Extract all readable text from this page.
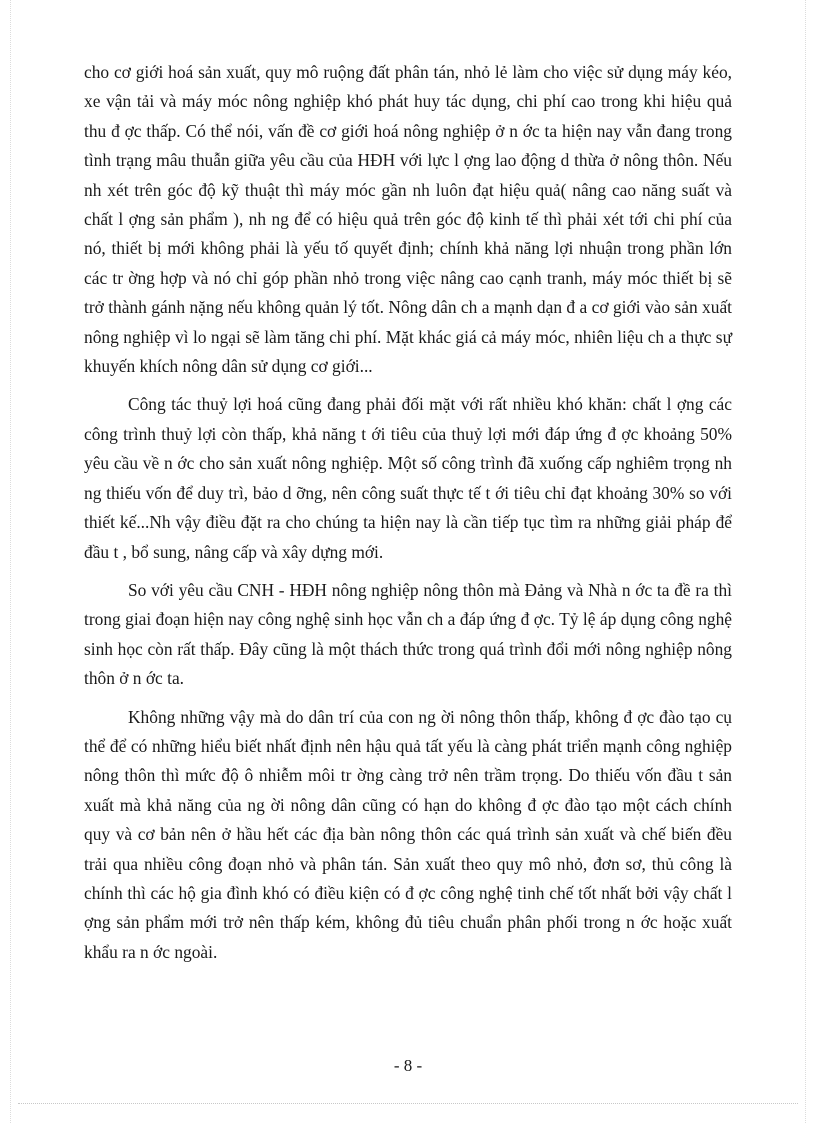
cho cơ giới hoá sản xuất, quy mô ruộng đất phân tán, nhỏ lẻ làm cho việc sử dụng máy kéo, xe vận tải và máy móc nông nghiệp khó phát huy tác dụng, chi phí cao trong khi hiệu quả thu đ ợc thấp. Có thể nói, vấn đề cơ giới hoá nông nghiệp ở n ớc ta hiện nay vẫn đang trong tình trạng mâu thuẫn giữa yêu cầu của HĐH với lực l ợng lao động d thừa ở nông thôn. Nếu nh xét trên góc độ kỹ thuật thì máy móc gần nh luôn đạt hiệu quả( nâng cao năng suất và chất l ợng sản phẩm ), nh ng để có hiệu quả trên góc độ kinh tế thì phải xét tới chi phí của nó, thiết bị mới không phải là yếu tố quyết định; chính khả năng lợi nhuận trong phần lớn các tr ờng hợp và nó chỉ góp phần nhỏ trong việc nâng cao cạnh tranh, máy móc thiết bị sẽ trở thành gánh nặng nếu không quản lý tốt. Nông dân ch a mạnh dạn đ a cơ giới vào sản xuất nông nghiệp vì lo ngại sẽ làm tăng chi phí. Mặt khác giá cả máy móc, nhiên liệu ch a thực sự khuyến khích nông dân sử dụng cơ giới...

Công tác thuỷ lợi hoá cũng đang phải đối mặt với rất nhiều khó khăn: chất l ợng các công trình thuỷ lợi còn thấp, khả năng t ới tiêu của thuỷ lợi mới đáp ứng đ ợc khoảng 50% yêu cầu về n ớc cho sản xuất nông nghiệp. Một số công trình đã xuống cấp nghiêm trọng nh ng thiếu vốn để duy trì, bảo d ỡng, nên công suất thực tế t ới tiêu chỉ đạt khoảng 30% so với thiết kế...Nh vậy điều đặt ra cho chúng ta hiện nay là cần tiếp tục tìm ra những giải pháp để đầu t , bổ sung, nâng cấp và xây dựng mới.

So với yêu cầu CNH - HĐH nông nghiệp nông thôn mà Đảng và Nhà n ớc ta đề ra thì trong giai đoạn hiện nay công nghệ sinh học vẫn ch a đáp ứng đ ợc. Tỷ lệ áp dụng công nghệ sinh học còn rất thấp. Đây cũng là một thách thức trong quá trình đổi mới nông nghiệp nông thôn ở n ớc ta.

Không những vậy mà do dân trí của con ng ời nông thôn thấp, không đ ợc đào tạo cụ thể để có những hiểu biết nhất định nên hậu quả tất yếu là càng phát triển mạnh công nghiệp nông thôn thì mức độ ô nhiễm môi tr ờng càng trở nên trầm trọng. Do thiếu vốn đầu t sản xuất mà khả năng của ng ời nông dân cũng có hạn do không đ ợc đào tạo một cách chính quy và cơ bản nên ở hầu hết các địa bàn nông thôn các quá trình sản xuất và chế biến đều trải qua nhiều công đoạn nhỏ và phân tán. Sản xuất theo quy mô nhỏ, đơn sơ, thủ công là chính thì các hộ gia đình khó có điều kiện có đ ợc công nghệ tinh chế tốt nhất bởi vậy chất l ợng sản phẩm mới trở nên thấp kém, không đủ tiêu chuẩn phân phối trong n ớc hoặc xuất khẩu ra n ớc ngoài.

- 8 -
